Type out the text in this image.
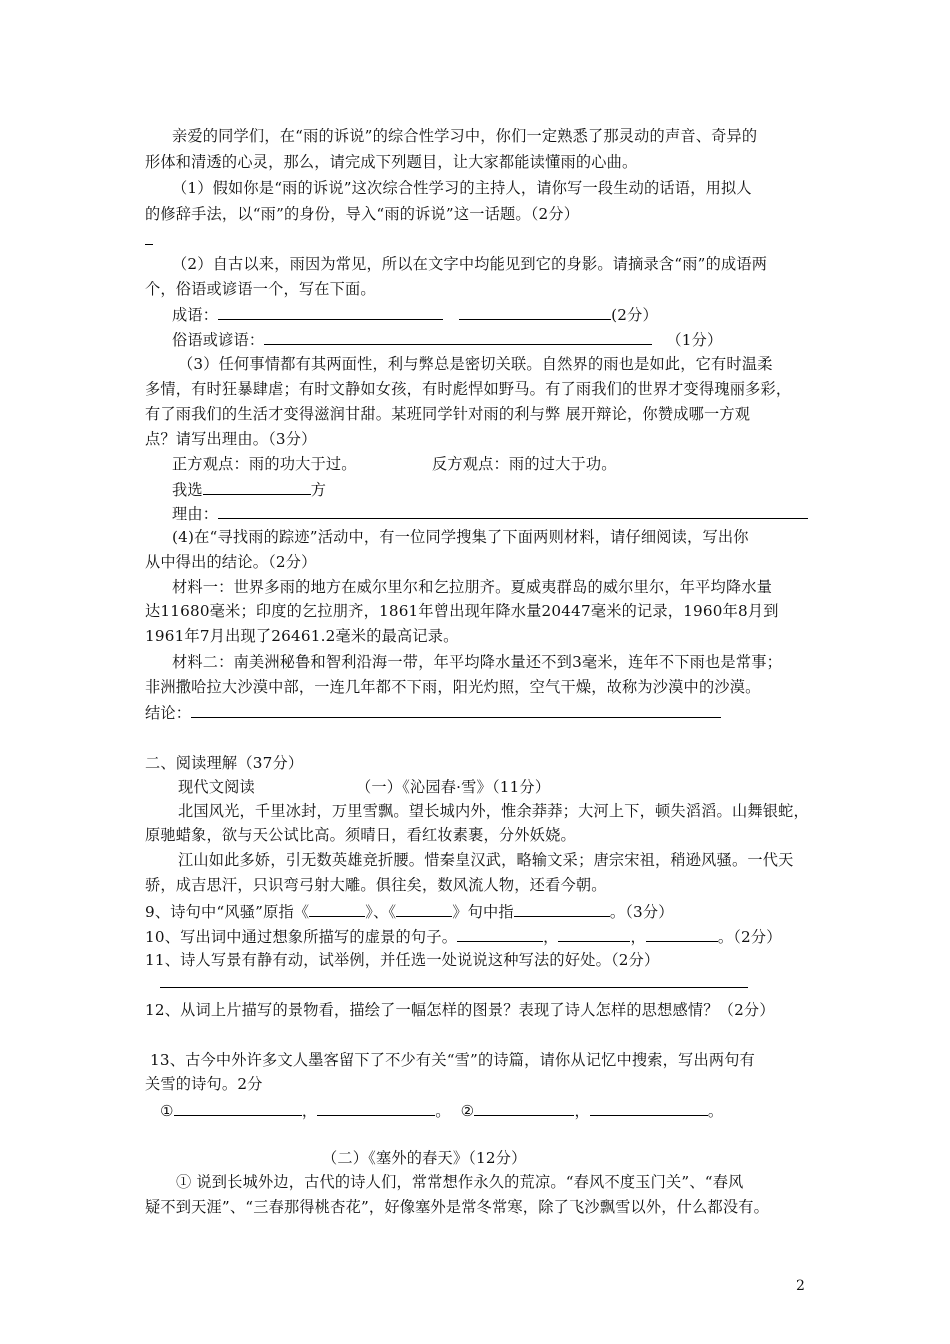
亲爱的同学们，在“雨的诉说”的综合性学习中，你们一定熟悉了那灵动的声音、奇异的
形体和清透的心灵，那么，请完成下列题目，让大家都能读懂雨的心曲。
（1）假如你是“雨的诉说”这次综合性学习的主持人，请你写一段生动的话语，用拟人
的修辞手法，以“雨”的身份，导入“雨的诉说”这一话题。（2分）
（2）自古以来，雨因为常见，所以在文字中均能见到它的身影。请摘录含“雨”的成语两
个，俗语或谚语一个，写在下面。
成语：	(2分）
俗语或谚语：	（1分）
（3）任何事情都有其两面性，利与弊总是密切关联。自然界的雨也是如此，它有时温柔
多情，有时狂暴肆虐；有时文静如女孩，有时彪悍如野马。有了雨我们的世界才变得瑰丽多彩，
有了雨我们的生活才变得滋润甘甜。某班同学针对雨的利与弊 展开辩论，你赞成哪一方观
点？请写出理由。（3分）
正方观点：雨的功大于过。	反方观点：雨的过大于功。
我选	方
理由：
(4)在“寻找雨的踪迹”活动中，有一位同学搜集了下面两则材料，请仔细阅读，写出你
从中得出的结论。（2分）
材料一：世界多雨的地方在威尔里尔和乞拉朋齐。夏威夷群岛的威尔里尔，年平均降水量
达11680毫米；印度的乞拉朋齐，1861年曾出现年降水量20447毫米的记录，1960年8月到
1961年7月出现了26461.2毫米的最高记录。
材料二：南美洲秘鲁和智利沿海一带，年平均降水量还不到3毫米，连年不下雨也是常事；
非洲撒哈拉大沙漠中部，一连几年都不下雨，阳光灼照，空气干燥，故称为沙漠中的沙漠。
结论：
二、阅读理解（37分）
现代文阅读	（一）《沁园春·雪》（11分）
北国风光，千里冰封，万里雪飘。望长城内外，惟余莽莽；大河上下，顿失滔滔。山舞银蛇，
原驰蜡象，欲与天公试比高。须晴日，看红妆素裹，分外妖娆。
江山如此多娇，引无数英雄竞折腰。惜秦皇汉武，略输文采；唐宗宋祖，稍逊风骚。一代天
骄，成吉思汗，只识弯弓射大雕。俱往矣，数风流人物，还看今朝。
9、诗句中“风骚”原指《	》、《	》句中指	。（3分）
10、写出词中通过想象所描写的虚景的句子。	，	，	。（2分）
11、诗人写景有静有动，试举例，并任选一处说说这种写法的好处。（2分）
12、从词上片描写的景物看，描绘了一幅怎样的图景？表现了诗人怎样的思想感情？（2分）
13、古今中外许多文人墨客留下了不少有关“雪”的诗篇，请你从记忆中搜索，写出两句有
关雪的诗句。2分
①	，	。 ②	，	。
（二）《塞外的春天》（12分）
① 说到长城外边，古代的诗人们，常常想作永久的荒凉。“春风不度玉门关”、“春风
疑不到天涯”、“三春那得桃杏花”，好像塞外是常冬常寒，除了飞沙飘雪以外，什么都没有。
2
